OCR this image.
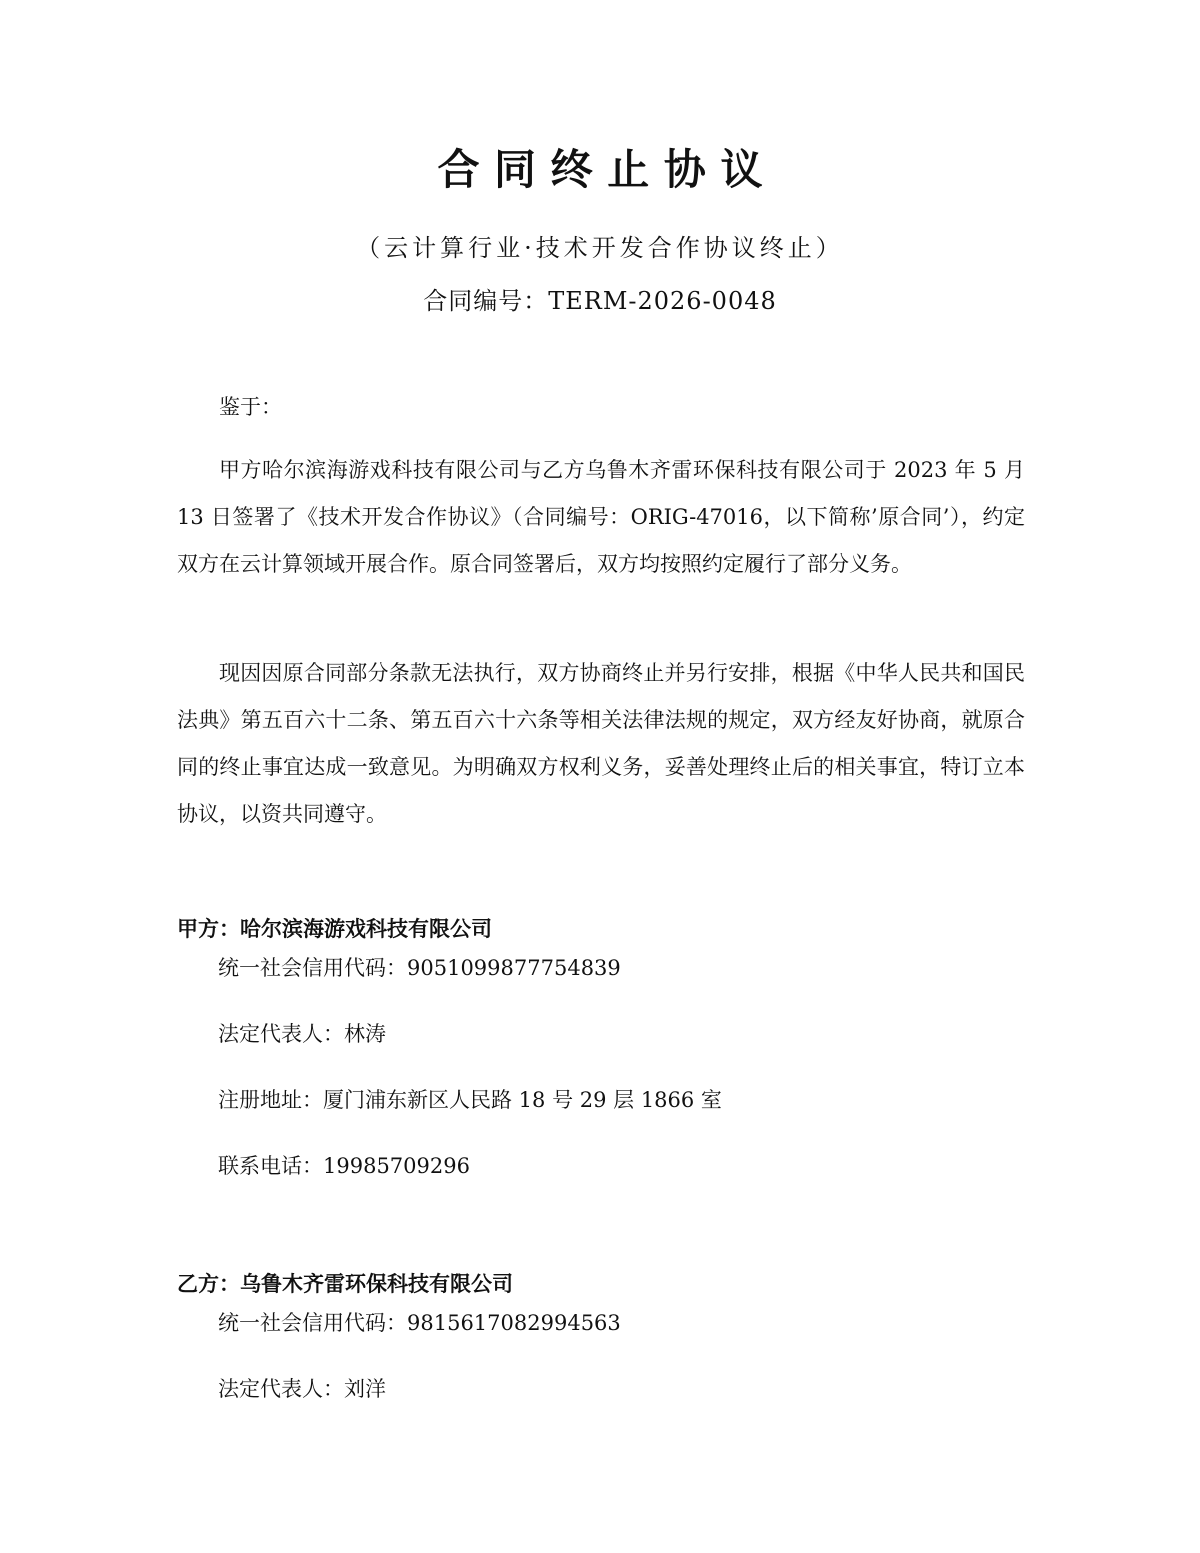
合 同 终 止 协 议
（云计算行业·技术开发合作协议终止）
合同编号：TERM-2026-0048
鉴于：
甲方哈尔滨海游戏科技有限公司与乙方乌鲁木齐雷环保科技有限公司于 2023 年 5 月 13 日签署了《技术开发合作协议》（合同编号：ORIG-47016，以下简称’原合同’），约定双方在云计算领域开展合作。原合同签署后，双方均按照约定履行了部分义务。
现因因原合同部分条款无法执行，双方协商终止并另行安排，根据《中华人民共和国民法典》第五百六十二条、第五百六十六条等相关法律法规的规定，双方经友好协商，就原合同的终止事宜达成一致意见。为明确双方权利义务，妥善处理终止后的相关事宜，特订立本协议，以资共同遵守。
甲方：哈尔滨海游戏科技有限公司
统一社会信用代码：9051099877754839
法定代表人：林涛
注册地址：厦门浦东新区人民路 18 号 29 层 1866 室
联系电话：19985709296
乙方：乌鲁木齐雷环保科技有限公司
统一社会信用代码：9815617082994563
法定代表人：刘洋
